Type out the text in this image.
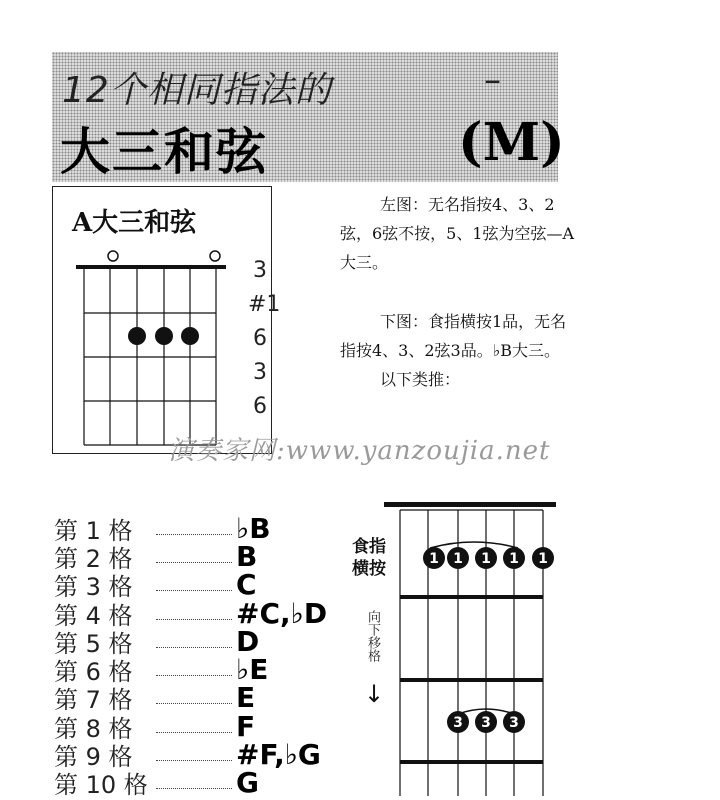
12个相同指法的
大三和弦
–
(M)
A大三和弦
3
#1
6
3
6

左图：无名指按4、3、2弦，6弦不按，5、1弦为空弦—A大三。

下图：食指横按1品，无名指按4、3、2弦3品。♭B大三。

以下类推：

演奏家网:www.yanzoujia.net
第 1 格	♭B
第 2 格	B
第 3 格	C
第 4 格	#C,♭D
第 5 格	D
第 6 格	♭E
第 7 格	E
第 8 格	F
第 9 格	#F,♭G
第 10 格	G
食指
横按
向下移格
↓
1 1 1 1 1
3 3 3
